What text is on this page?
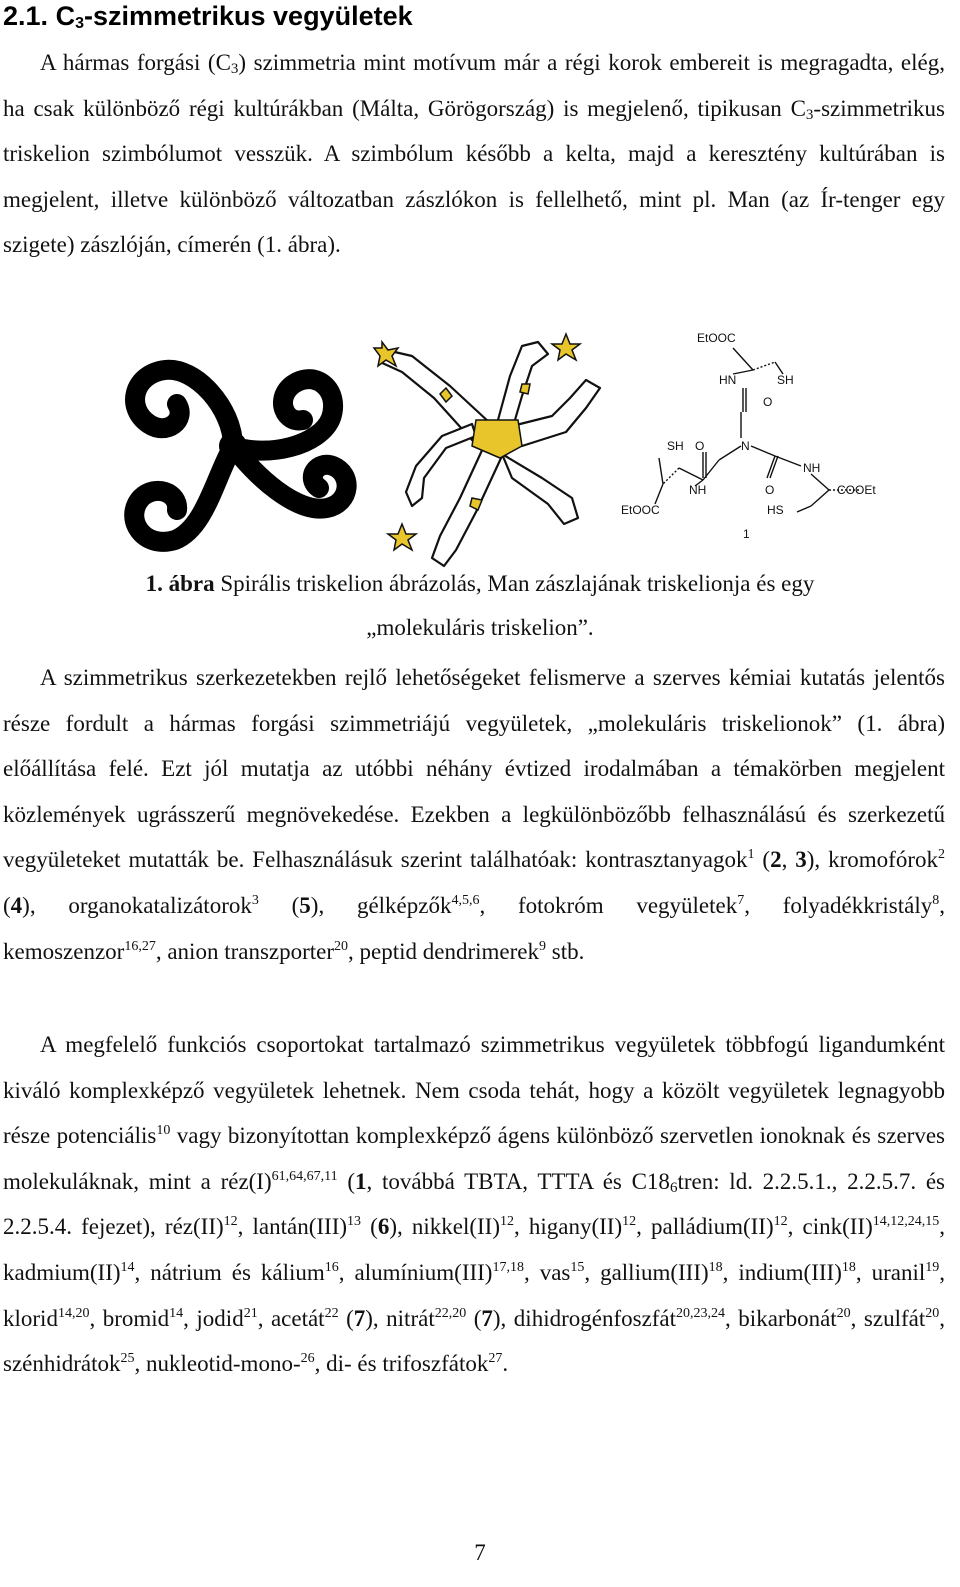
2.1. $C_3$-szimmetrikus vegyületek

A hármas forgási $(C_3)$ szimmetria mint motívum már a régi korok embereit is megragadta, elég, ha csak különböző régi kultúrákban (Málta, Görögország) is megjelenő, tipikusan $C_3$-szimmetrikus triskelion szimbólumot vesszük. A szimbólum később a kelta, majd a keresztény kultúrában is megjelent, illetve különböző változatban zászlókon is fellelhető, mint pl. Man (az Ír-tenger egy szigete) zászlóján, címerén (1. ábra).

EtOOC
HN	SH
O
SH O	N
NH
NH	O	COOEt
EtOOC	HS
1
1. ábra Spirális triskelion ábrázolás, Man zászlajának triskelionja és egy
„molekuláris triskelion”.

A szimmetrikus szerkezetekben rejlő lehetőségeket felismerve a szerves kémiai kutatás jelentős része fordult a hármas forgási szimmetriájú vegyületek, „molekuláris triskelionok” (1. ábra) előállítása felé. Ezt jól mutatja az utóbbi néhány évtized irodalmában a témakörben megjelent közlemények ugrásszerű megnövekedése. Ezekben a legkülönbözőbb felhasználású és szerkezetű vegyületeket mutatták be. Felhasználásuk szerint találhatóak: kontrasztanyagok$^1$ (2, 3), kromofórok$^2$ (4), organokatalizátorok$^3$ (5), gélképzők$^{4,5,6}$, fotokróm vegyületek$^7$, folyadékkristály$^8$, kemoszenzor$^{16,27}$, anion transzporter$^{20}$, peptid dendrimerek$^9$ stb.

A megfelelő funkciós csoportokat tartalmazó szimmetrikus vegyületek többfogú ligandumként kiváló komplexképző vegyületek lehetnek. Nem csoda tehát, hogy a közölt vegyületek legnagyobb része potenciális$^{10}$ vagy bizonyítottan komplexképző ágens különböző szervetlen ionoknak és szerves molekuláknak, mint a $réz(I)^{61,64,67,11}$ (1, továbbá TBTA, TTTA és $C18_6tren$: ld. 2.2.5.1., 2.2.5.7. és 2.2.5.4. fejezet), réz(II)$^{12}$, lantán(III)$^{13}$ (6), nikkel(II)$^{12}$, higany(II)$^{12}$, palládium(II)$^{12}$, cink(II)$^{14,12,24,15}$, kadmium(II)$^{14}$, nátrium és kálium$^{16}$, alumínium(III)$^{17,18}$, vas$^{15}$, gallium(III)$^{18}$, indium(III)$^{18}$, uranil$^{19}$, klorid$^{14,20}$, bromid$^{14}$, jodid$^{21}$, acetát$^{22}$ (7), nitrát$^{22,20}$ (7), dihidrogénfoszfát$^{20,23,24}$, bikarbonát$^{20}$, szulfát$^{20}$, szénhidrátok$^{25}$, nukleotid-mono-$^{26}$, di- és trifoszfátok$^{27}$.

7
